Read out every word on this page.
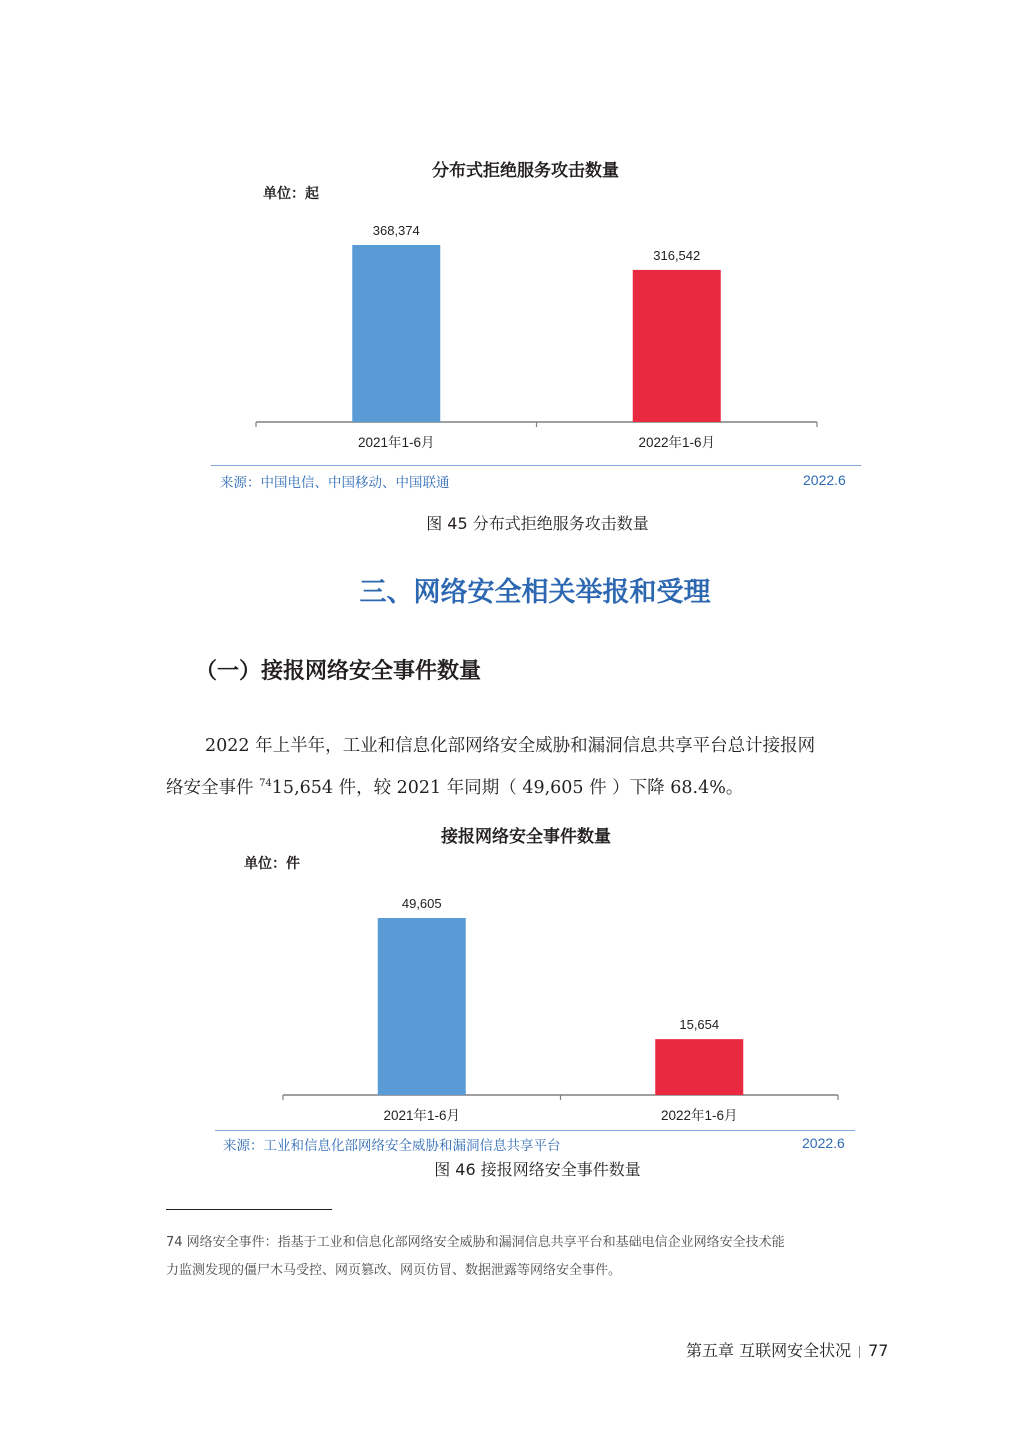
分布式拒绝服务攻击数量
单位：起
368,374
2021年1-6月
316,542
2022年1-6月
来源：中国电信、中国移动、中国联通	2022.6
图 45 分布式拒绝服务攻击数量
三、网络安全相关举报和受理
（一）接报网络安全事件数量
2022 年上半年，工业和信息化部网络安全威胁和漏洞信息共享平台总计接报网
络安全事件 $^{74}$15,654 件，较 2021 年同期（ 49,605 件 ）下降 68.4%。
接报网络安全事件数量
单位：件
49,605
2021年1-6月
15,654
2022年1-6月
来源：工业和信息化部网络安全威胁和漏洞信息共享平台	2022.6
图 46 接报网络安全事件数量
74 网络安全事件：指基于工业和信息化部网络安全威胁和漏洞信息共享平台和基础电信企业网络安全技术能
力监测发现的僵尸木马受控、网页篡改、网页仿冒、数据泄露等网络安全事件。
第五章 互联网安全状况 77
